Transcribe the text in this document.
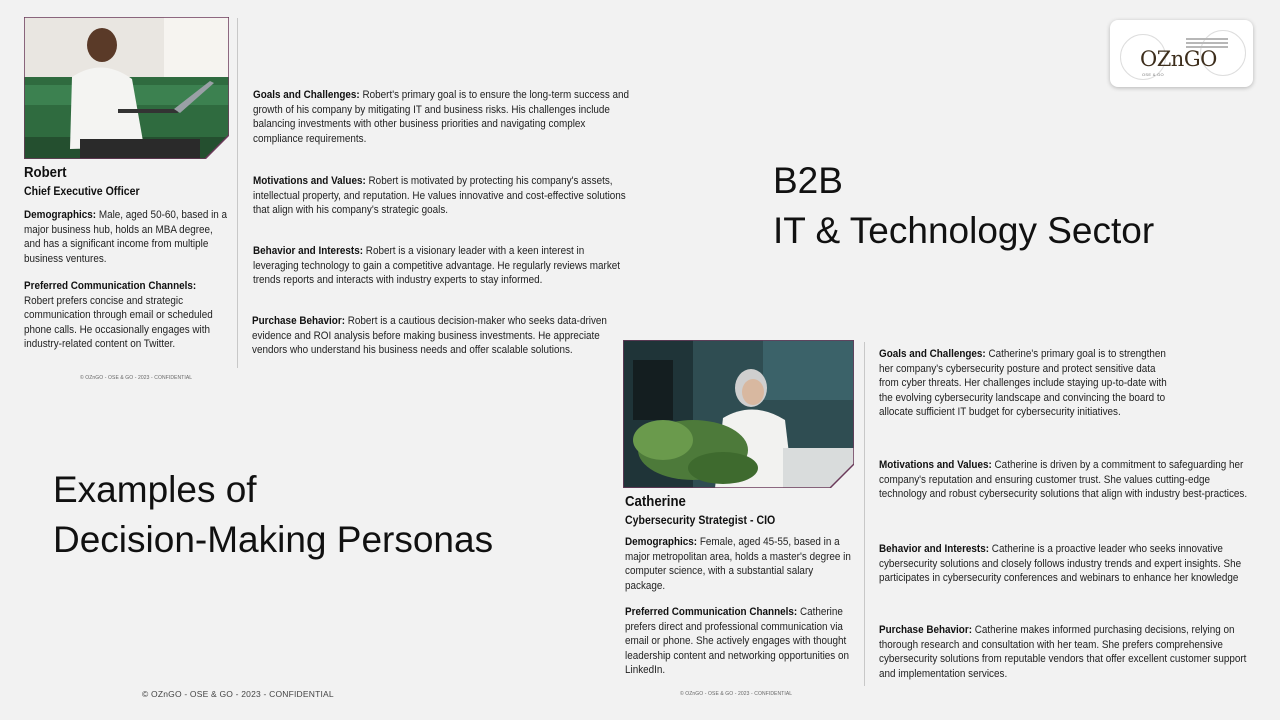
OZnGO
OSE & GO
B2B
IT & Technology Sector
Examples of
Decision-Making Personas
Robert
Chief Executive Officer
Demographics: Male, aged 50-60, based in a major business hub, holds an MBA degree, and has a significant income from multiple business ventures.
Preferred Communication Channels:
Robert prefers concise and strategic communication through email or scheduled phone calls. He occasionally engages with industry-related content on Twitter.
© OZnGO - OSE & GO - 2023 - CONFIDENTIAL
Goals and Challenges: Robert's primary goal is to ensure the long-term success and growth of his company by mitigating IT and business risks. His challenges include balancing investments with other business priorities and navigating complex compliance requirements.
Motivations and Values: Robert is motivated by protecting his company's assets, intellectual property, and reputation. He values innovative and cost-effective solutions that align with his company's strategic goals.
Behavior and Interests: Robert is a visionary leader with a keen interest in leveraging technology to gain a competitive advantage. He regularly reviews market trends reports and interacts with industry experts to stay informed.
Purchase Behavior: Robert is a cautious decision-maker who seeks data-driven evidence and ROI analysis before making business investments. He appreciate vendors who understand his business needs and offer scalable solutions.
Catherine
Cybersecurity Strategist - CIO
Demographics: Female, aged 45-55, based in a major metropolitan area, holds a master's degree in computer science, with a substantial salary package.
Preferred Communication Channels: Catherine prefers direct and professional communication via email or phone. She actively engages with thought leadership content and networking opportunities on LinkedIn.
© OZnGO - OSE & GO - 2023 - CONFIDENTIAL
Goals and Challenges: Catherine's primary goal is to strengthen her company's cybersecurity posture and protect sensitive data from cyber threats. Her challenges include staying up-to-date with the evolving cybersecurity landscape and convincing the board to allocate sufficient IT budget for cybersecurity initiatives.
Motivations and Values: Catherine is driven by a commitment to safeguarding her company's reputation and ensuring customer trust. She values cutting-edge technology and robust cybersecurity solutions that align with industry best-practices.
Behavior and Interests: Catherine is a proactive leader who seeks innovative cybersecurity solutions and closely follows industry trends and expert insights. She participates in cybersecurity conferences and webinars to enhance her knowledge
Purchase Behavior: Catherine makes informed purchasing decisions, relying on thorough research and consultation with her team. She prefers comprehensive cybersecurity solutions from reputable vendors that offer excellent customer support and implementation services.
© OZnGO - OSE & GO - 2023 - CONFIDENTIAL
